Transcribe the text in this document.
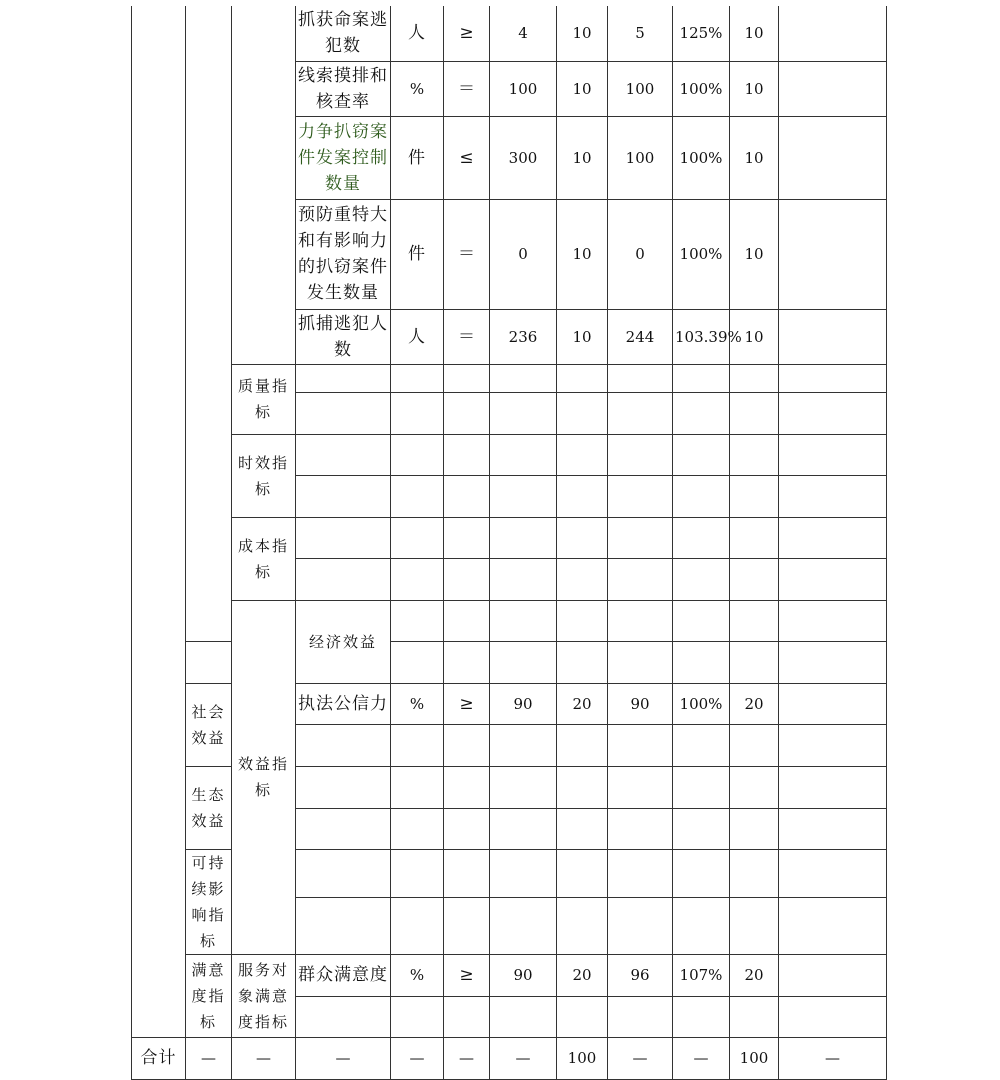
			抓获命案逃犯数	人	≥	4	10	5	125%	10		
			线索摸排和核查率	%	＝	100	10	100	100%	10		
			力争扒窃案件发案控制数量	件	≤	300	10	100	100%	10		
			预防重特大和有影响力的扒窃案件发生数量	件	＝	0	10	0	100%	10		
			抓捕逃犯人数	人	＝	236	10	244	103.39%	10		
		质量指标										

		时效指标										

		成本指标										

		效益指标	经济效益									

	社会效益		执法公信力	%	≥	90	20	90	100%	20		

	生态效益											

	可持续影响指标											

	满意度指标	服务对象满意度指标	群众满意度	%	≥	90	20	96	107%	20		

合计	—	—	—	—	—	—	100	—	—	100	—	
